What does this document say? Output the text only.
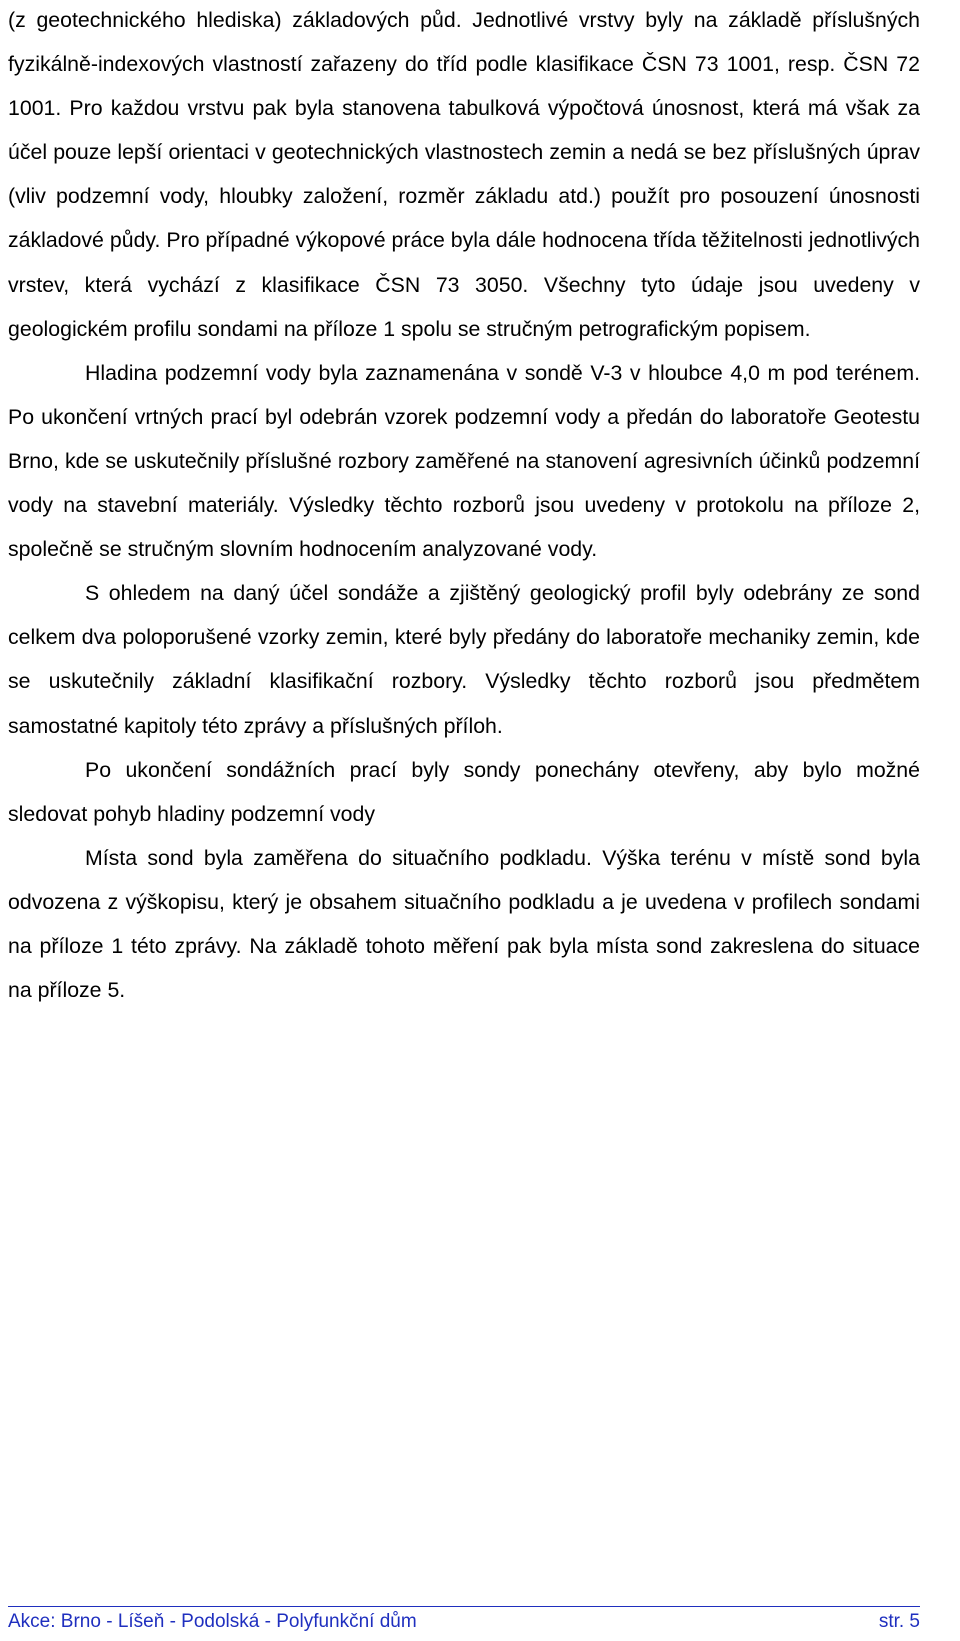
(z geotechnického hlediska) základových půd. Jednotlivé vrstvy byly na základě příslušných fyzikálně-indexových vlastností zařazeny do tříd podle klasifikace ČSN 73 1001, resp. ČSN 72 1001. Pro každou vrstvu pak byla stanovena tabulková výpočtová únosnost, která má však za účel pouze lepší orientaci v geotechnických vlastnostech zemin a nedá se bez příslušných úprav (vliv podzemní vody, hloubky založení, rozměr základu atd.) použít pro posouzení únosnosti základové půdy. Pro případné výkopové práce byla dále hodnocena třída těžitelnosti jednotlivých vrstev, která vychází z klasifikace ČSN 73 3050. Všechny tyto údaje jsou uvedeny v geologickém profilu sondami na příloze 1 spolu se stručným petrografickým popisem.

Hladina podzemní vody byla zaznamenána v sondě V-3 v hloubce 4,0 m pod terénem. Po ukončení vrtných prací byl odebrán vzorek podzemní vody a předán do laboratoře Geotestu Brno, kde se uskutečnily příslušné rozbory zaměřené na stanovení agresivních účinků podzemní vody na stavební materiály. Výsledky těchto rozborů jsou uvedeny v protokolu na příloze 2, společně se stručným slovním hodnocením analyzované vody.

S ohledem na daný účel sondáže a zjištěný geologický profil byly odebrány ze sond celkem dva poloporušené vzorky zemin, které byly předány do laboratoře mechaniky zemin, kde se uskutečnily základní klasifikační rozbory. Výsledky těchto rozborů jsou předmětem samostatné kapitoly této zprávy a příslušných příloh.

Po ukončení sondážních prací byly sondy ponechány otevřeny, aby bylo možné sledovat pohyb hladiny podzemní vody

Místa sond byla zaměřena do situačního podkladu. Výška terénu v místě sond byla odvozena z výškopisu, který je obsahem situačního podkladu a je uvedena v profilech sondami na příloze 1 této zprávy. Na základě tohoto měření pak byla místa sond zakreslena do situace na příloze 5.

Akce: Brno - Líšeň - Podolská - Polyfunkční dům	str. 5
